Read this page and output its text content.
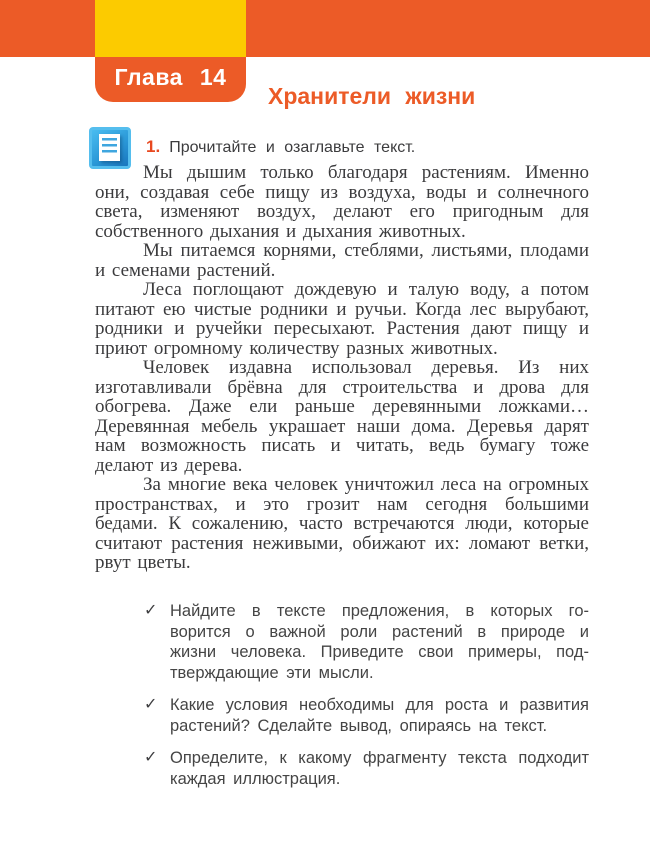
Глава 14
Хранители жизни
1. Прочитайте и озаглавьте текст.

Мы дышим только благодаря растениям. Именно они, создавая себе пищу из воздуха, воды и солнечного света, изменяют воздух, делают его пригодным для собственного дыхания и дыхания животных.

Мы питаемся корнями, стеблями, листьями, плодами и семенами растений.

Леса поглощают дождевую и талую воду, а потом питают ею чистые родники и ручьи. Когда лес вырубают, родники и ручейки пересыхают. Растения дают пищу и приют огромному количеству разных животных.

Человек издавна использовал деревья. Из них изготавливали брёвна для строительства и дрова для обогрева. Даже ели раньше деревянными ложками… Деревянная мебель украшает наши дома. Деревья дарят нам возможность писать и читать, ведь бумагу тоже делают из дерева.

За многие века человек уничтожил леса на огромных пространствах, и это грозит нам сегодня большими бедами. К сожалению, часто встречаются люди, которые считают растения неживыми, обижают их: ломают ветки, рвут цветы.

✓ Найдите в тексте предложения, в которых говорится о важной роли растений в природе и жизни человека. Приведите свои примеры, подтверждающие эти мысли.
✓ Какие условия необходимы для роста и развития растений? Сделайте вывод, опираясь на текст.
✓ Определите, к какому фрагменту текста подходит каждая иллюстрация.
